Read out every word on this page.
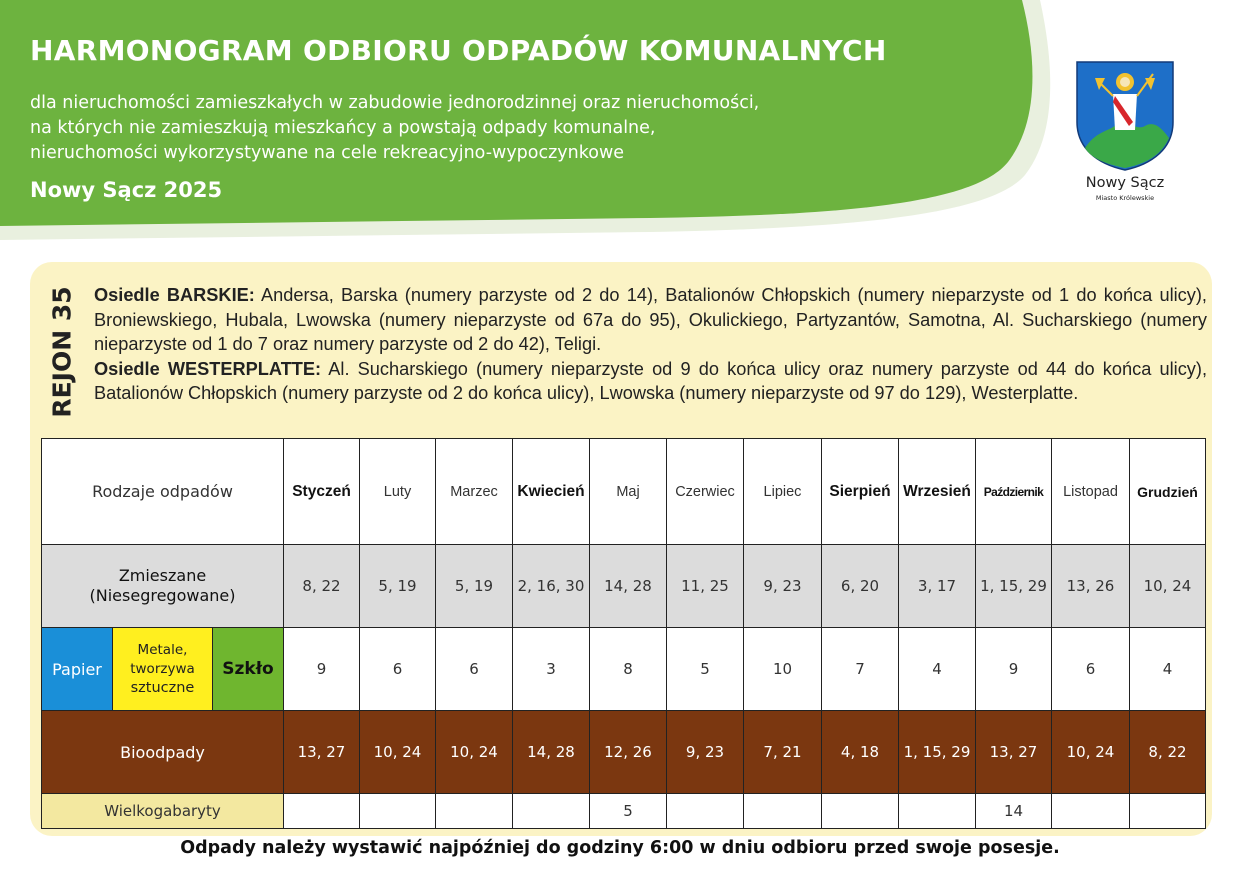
HARMONOGRAM ODBIORU ODPADÓW KOMUNALNYCH
dla nieruchomości zamieszkałych w zabudowie jednorodzinnej oraz nieruchomości,
na których nie zamieszkują mieszkańcy a powstają odpady komunalne,
nieruchomości wykorzystywane na cele rekreacyjno-wypoczynkowe
Nowy Sącz 2025	Nowy Sącz
Miasto Królewskie
REJON 35 Osiedle BARSKIE: Andersa, Barska (numery parzyste od 2 do 14), Batalionów Chłopskich (numery nieparzyste od 1 do końca ulicy), Broniewskiego, Hubala, Lwowska (numery nieparzyste od 67a do 95), Okulickiego, Partyzantów, Samotna, Al. Sucharskiego (numery nieparzyste od 1 do 7 oraz numery parzyste od 2 do 42), Teligi.

Osiedle WESTERPLATTE: Al. Sucharskiego (numery nieparzyste od 9 do końca ulicy oraz numery parzyste od 44 do końca ulicy), Batalionów Chłopskich (numery parzyste od 2 do końca ulicy), Lwowska (numery nieparzyste od 97 do 129), Westerplatte.

Rodzaje odpadów	Styczeń	Luty	Marzec	Kwiecień	Maj	Czerwiec	Lipiec	Sierpień	Wrzesień	Październik	Listopad	Grudzień

Zmieszane
(Niesegregowane)	8, 22	5, 19	5, 19	2, 16, 30	14, 28	11, 25	9, 23	6, 20	3, 17	1, 15, 29	13, 26	10, 24

Papier
Metale,
tworzywa
sztuczne
Szkło	9	6	6	3	8	5	10	7	4	9	6	4
Bioodpady	13, 27	10, 24	10, 24	14, 28	12, 26	9, 23	7, 21	4, 18	1, 15, 29	13, 27	10, 24	8, 22
Wielkogabaryty					5					14		
Odpady należy wystawić najpóźniej do godziny 6:00 w dniu odbioru przed swoje posesje.
